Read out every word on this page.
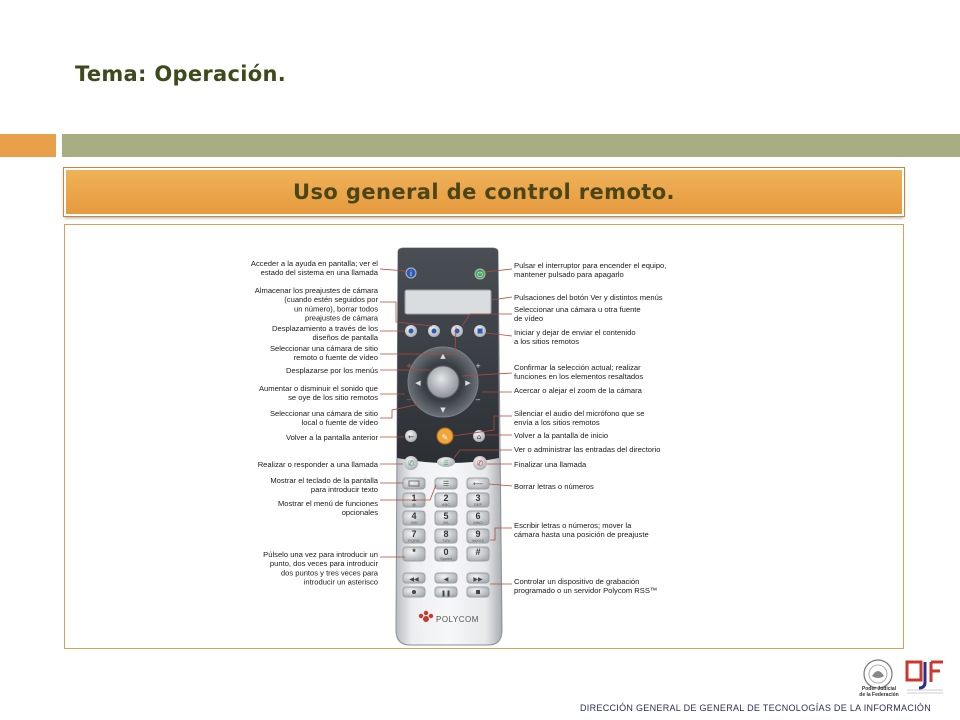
Tema: Operación.
Uso general de control remoto.
i	⏻
▲
▼
◀	▶
+
−
+
−
←	✎	⌂
✆	☰	✆
☰	⟵
1
@
2
ABC
3
DEF
4
GHI
5
JKL
6
MNO
7
PQRS
8
TUV
9
WXYZ
*	0
Speed
#
◀◀	◀	▶▶
❚❚
POLYCOM
Acceder a la ayuda en pantalla; ver el
estado del sistema en una llamada
Almacenar los preajustes de cámara
(cuando estén seguidos por
un número), borrar todos
preajustes de cámara
Desplazamiento a través de los
diseños de pantalla
Seleccionar una cámara de sitio
remoto o fuente de vídeo
Desplazarse por los menús
Aumentar o disminuir el sonido que
se oye de los sitio remotos
Seleccionar una cámara de sitio
local o fuente de vídeo
Volver a la pantalla anterior
Realizar o responder a una llamada
Mostrar el teclado de la pantalla
para introducir texto
Mostrar el menú de funciones
opcionales
Púlselo una vez para introducir un
punto, dos veces para introducir
dos puntos y tres veces para
introducir un asterisco
Pulsar el interruptor para encender el equipo,
mantener pulsado para apagarlo
Pulsaciones del botón Ver y distintos menús
Seleccionar una cámara u otra fuente
de vídeo
Iniciar y dejar de enviar el contenido
a los sitios remotos
Confirmar la selección actual; realizar
funciones en los elementos resaltados
Acercar o alejar el zoom de la cámara
Silenciar el audio del micrófono que se
envía a los sitios remotos
Volver a la pantalla de inicio
Ver o administrar las entradas del directorio
Finalizar una llamada
Borrar letras o números
Escribir letras o números; mover la
cámara hasta una posición de preajuste
Controlar un dispositivo de grabación
programado o un servidor Polycom RSS™
Poder Judicial
de la Federación
DIRECCIÓN GENERAL DE GENERAL DE TECNOLOGÍAS DE LA INFORMACIÓN
